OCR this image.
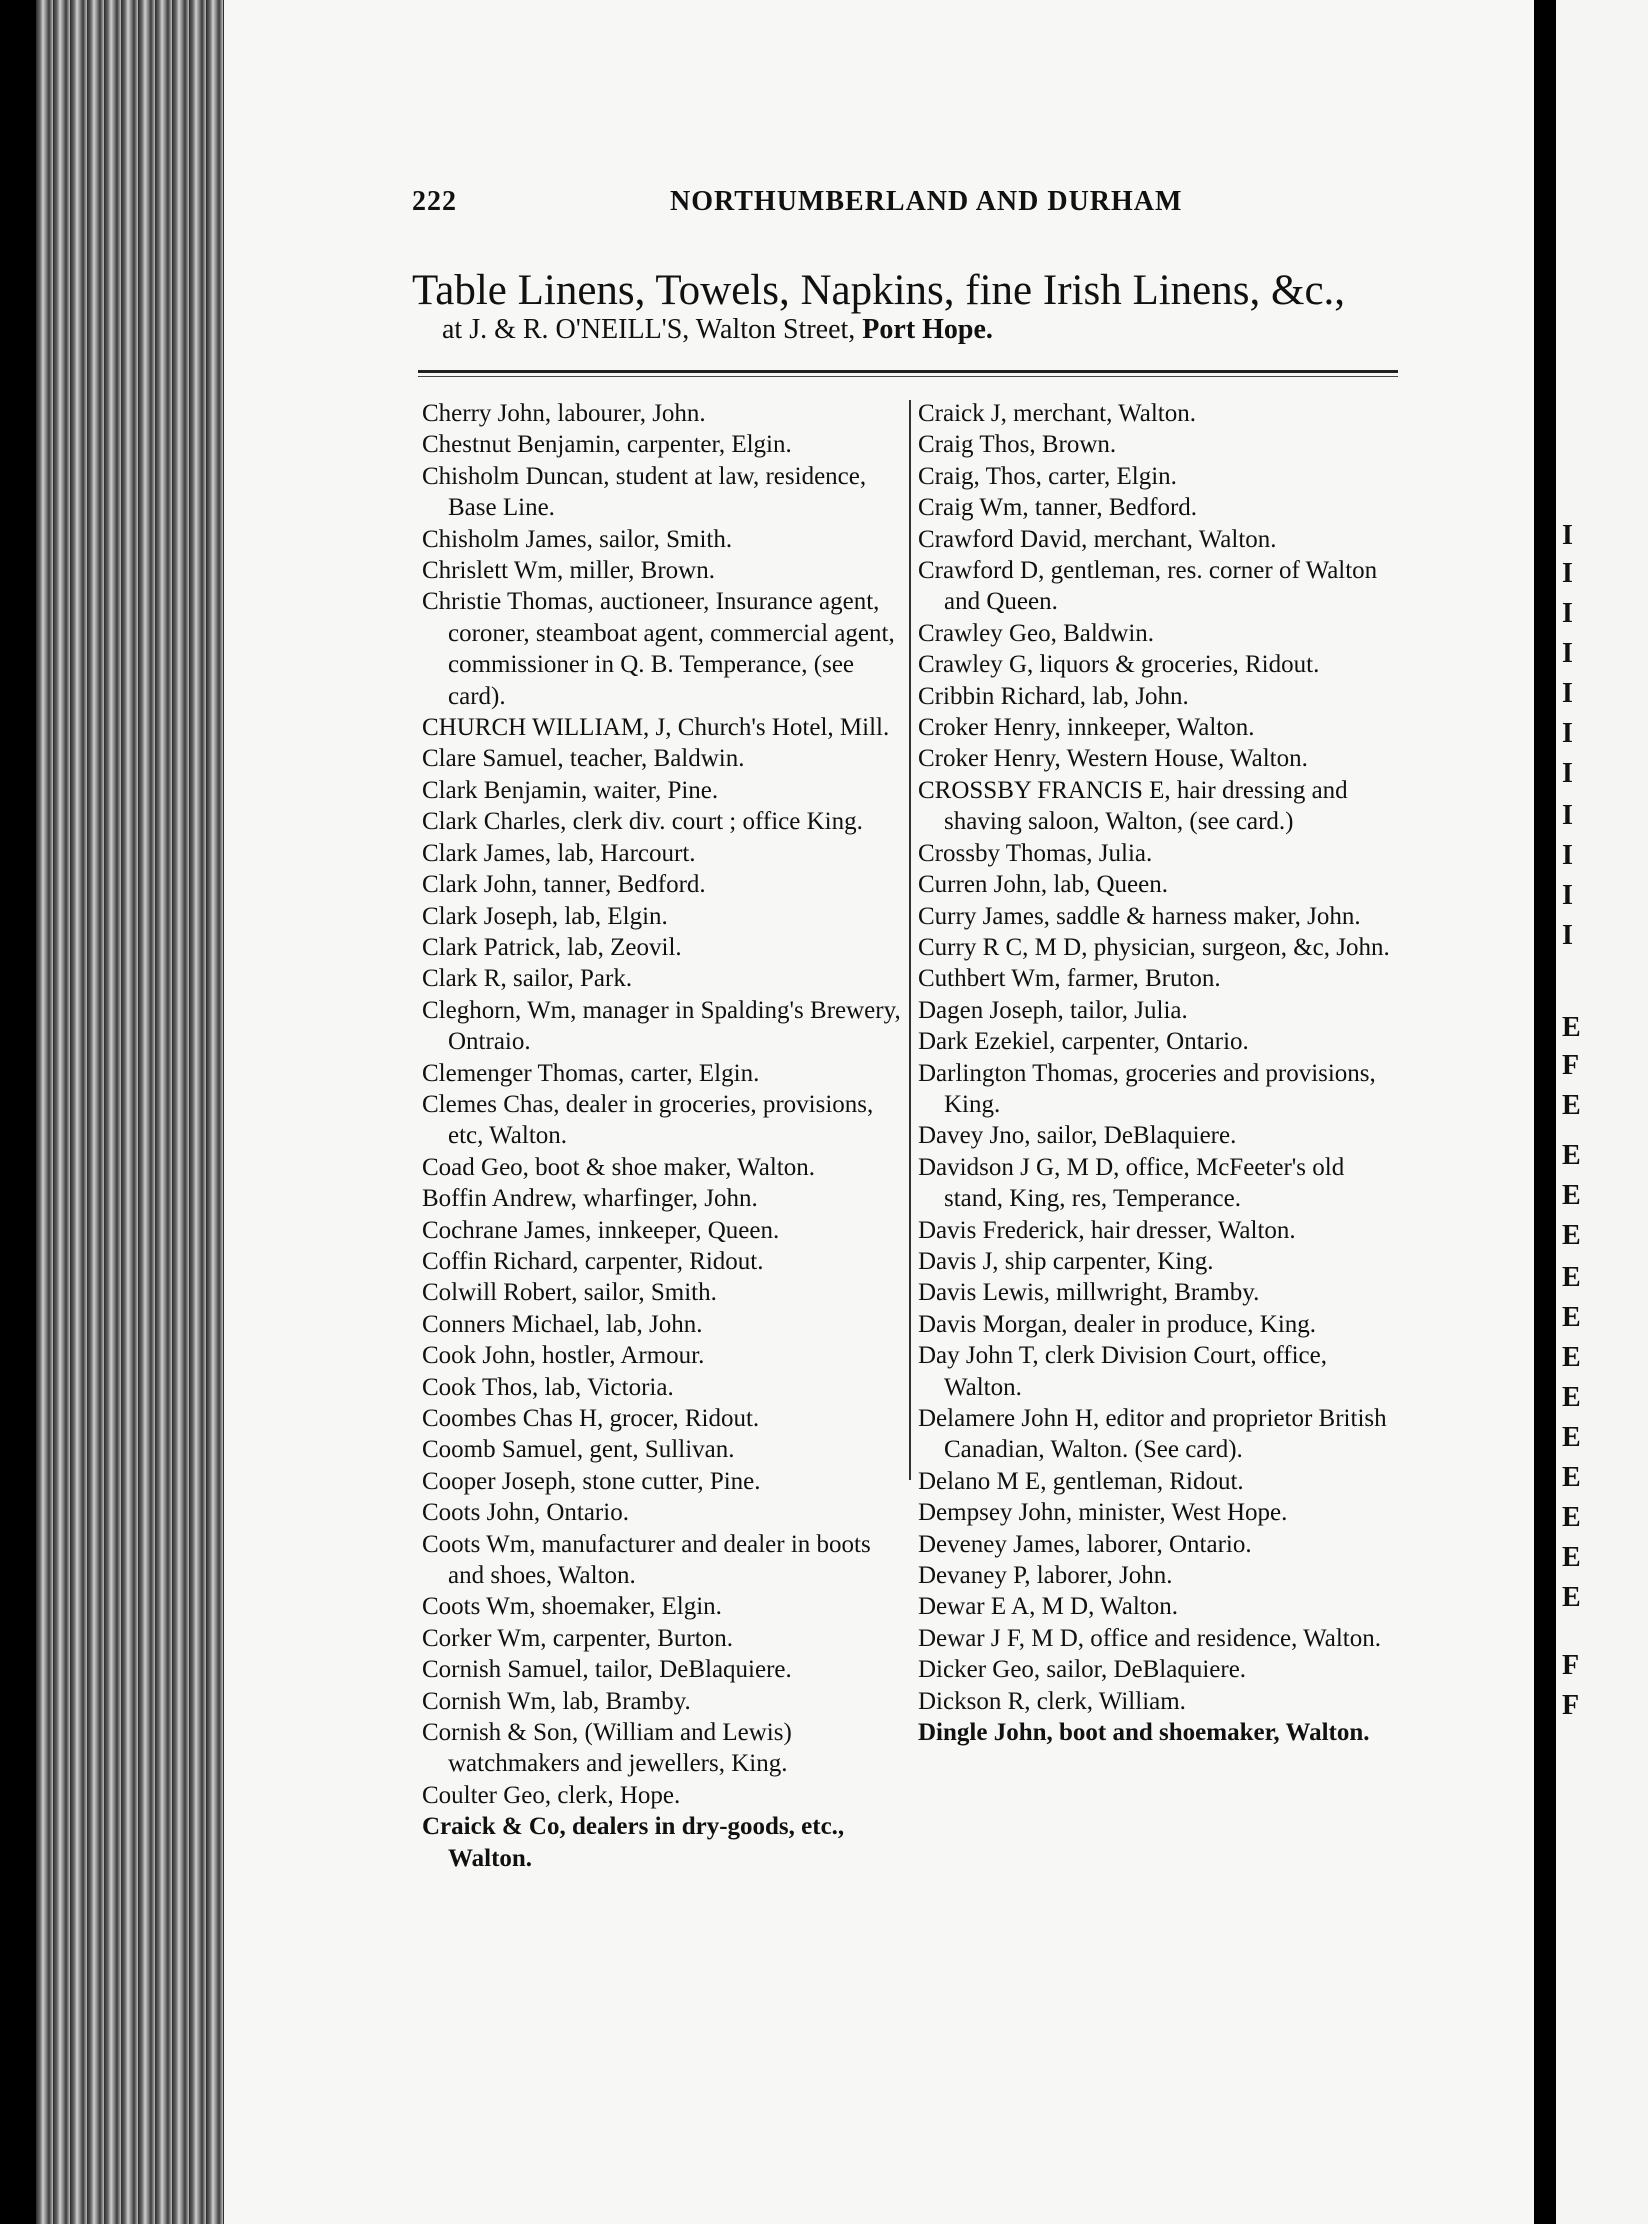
I
I
I
I
I
I
I
I
I
I
I
E
F
E
E
E
E
E
E
E
E
E
E
E
E
E
F
F
222	NORTHUMBERLAND AND DURHAM
Table Linens, Towels, Napkins, fine Irish Linens, &c.,
at J. & R. O'NEILL'S, Walton Street, Port Hope.
Cherry John, labourer, John.
Chestnut Benjamin, carpenter, Elgin.
Chisholm Duncan, student at law, residence, Base Line.
Chisholm James, sailor, Smith.
Chrislett Wm, miller, Brown.
Christie Thomas, auctioneer, Insurance agent, coroner, steamboat agent, commercial agent, commissioner in Q. B. Temperance, (see card).
CHURCH WILLIAM, J, Church's Hotel, Mill.
Clare Samuel, teacher, Baldwin.
Clark Benjamin, waiter, Pine.
Clark Charles, clerk div. court ; office King.
Clark James, lab, Harcourt.
Clark John, tanner, Bedford.
Clark Joseph, lab, Elgin.
Clark Patrick, lab, Zeovil.
Clark R, sailor, Park.
Cleghorn, Wm, manager in Spalding's Brewery, Ontraio.
Clemenger Thomas, carter, Elgin.
Clemes Chas, dealer in groceries, provisions, etc, Walton.
Coad Geo, boot & shoe maker, Walton.
Boffin Andrew, wharfinger, John.
Cochrane James, innkeeper, Queen.
Coffin Richard, carpenter, Ridout.
Colwill Robert, sailor, Smith.
Conners Michael, lab, John.
Cook John, hostler, Armour.
Cook Thos, lab, Victoria.
Coombes Chas H, grocer, Ridout.
Coomb Samuel, gent, Sullivan.
Cooper Joseph, stone cutter, Pine.
Coots John, Ontario.
Coots Wm, manufacturer and dealer in boots and shoes, Walton.
Coots Wm, shoemaker, Elgin.
Corker Wm, carpenter, Burton.
Cornish Samuel, tailor, DeBlaquiere.
Cornish Wm, lab, Bramby.
Cornish & Son, (William and Lewis) watchmakers and jewellers, King.
Coulter Geo, clerk, Hope.
Craick & Co, dealers in dry-goods, etc., Walton.
Craick J, merchant, Walton.
Craig Thos, Brown.
Craig, Thos, carter, Elgin.
Craig Wm, tanner, Bedford.
Crawford David, merchant, Walton.
Crawford D, gentleman, res. corner of Walton and Queen.
Crawley Geo, Baldwin.
Crawley G, liquors & groceries, Ridout.
Cribbin Richard, lab, John.
Croker Henry, innkeeper, Walton.
Croker Henry, Western House, Walton.
CROSSBY FRANCIS E, hair dressing and shaving saloon, Walton, (see card.)
Crossby Thomas, Julia.
Curren John, lab, Queen.
Curry James, saddle & harness maker, John.
Curry R C, M D, physician, surgeon, &c, John.
Cuthbert Wm, farmer, Bruton.
Dagen Joseph, tailor, Julia.
Dark Ezekiel, carpenter, Ontario.
Darlington Thomas, groceries and provisions, King.
Davey Jno, sailor, DeBlaquiere.
Davidson J G, M D, office, McFeeter's old stand, King, res, Temperance.
Davis Frederick, hair dresser, Walton.
Davis J, ship carpenter, King.
Davis Lewis, millwright, Bramby.
Davis Morgan, dealer in produce, King.
Day John T, clerk Division Court, office, Walton.
Delamere John H, editor and proprietor British Canadian, Walton. (See card).
Delano M E, gentleman, Ridout.
Dempsey John, minister, West Hope.
Deveney James, laborer, Ontario.
Devaney P, laborer, John.
Dewar E A, M D, Walton.
Dewar J F, M D, office and residence, Walton.
Dicker Geo, sailor, DeBlaquiere.
Dickson R, clerk, William.
Dingle John, boot and shoemaker, Walton.
